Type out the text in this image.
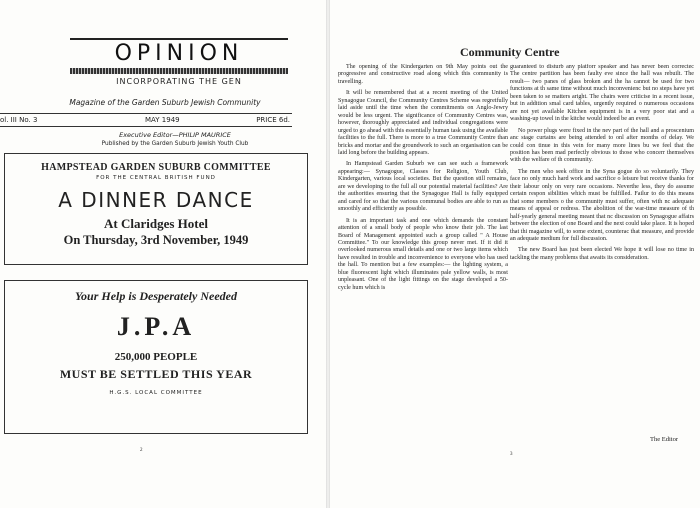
OPINION
INCORPORATING THE GEN
Magazine of the Garden Suburb Jewish Community
ol. III No. 3	MAY 1949	PRICE 6d.
Executive Editor—PHILIP MAURICE
Published by the Garden Suburb Jewish Youth Club
HAMPSTEAD GARDEN SUBURB COMMITTEE
FOR THE CENTRAL BRITISH FUND
A DINNER DANCE
At Claridges Hotel
On Thursday, 3rd November, 1949
Your Help is Desperately Needed
J.P.A
250,000 PEOPLE
MUST BE SETTLED THIS YEAR
H.G.S. LOCAL COMMITTEE
2
Community Centre

The opening of the Kindergarten on 9th May points out the progressive and constructive road along which this community is travelling.

It will be remembered that at a recent meeting of the United Synagogue Council, the Community Centres Scheme was regretfully laid aside until the time when the commitments on Anglo-Jewry would be less urgent. The significance of Community Centres was, however, thoroughly appreciated and individual congregations were urged to go ahead with this essentially human task using the available facilities to the full. There is more to a true Community Centre than bricks and mortar and the groundwork to such an organisation can be laid long before the building appears.

In Hampstead Garden Suburb we can see such a framework appearing:— Synagogue, Classes for Religion, Youth Club, Kindergarten, various local societies. But the question still remains, are we developing to the full all our potential material facilities? Are the authorities ensuring that the Synagogue Hall is fully equipped and cared for so that the various communal bodies are able to run as smoothly and efficiently as possible.

It is an important task and one which demands the constant attention of a small body of people who know their job. The last Board of Management appointed such a group called " A House Committee." To our knowledge this group never met. If it did it overlooked numerous small details and one or two large items which have resulted in trouble and inconvenience to everyone who has used the hall. To mention but a few examples:— the lighting system, a blue fluorescent light which illuminates pale yellow walls, is most unpleasant. One of the light fittings on the stage developed a 50-cycle hum which is

guaranteed to disturb any platforr speaker and has never been correctec The centre partition has been faulty eve since the hall was rebuilt. The result— two panes of glass broken and the ha cannot be used for two functions at th same time without much inconvenienc but no steps have yet been taken to se matters aright. The chairs were criticise in a recent issue, but in addition smal card tables, urgently required o numerous occasions are not yet available Kitchen equipment is in a very poor stat and a washing-up towel in the kitche would indeed be an event.

No power plugs were fixed in the nev part of the hall and a proscenium anc stage curtains are being attended to onl after months of delay. We could con tinue in this vein for many more lines bu we feel that the position has been mad perfectly obvious to those who concerr themselves with the welfare of th community.

The men who seek office in the Syna gogue do so voluntarily. They face no only much hard work and sacrifice o leisure but receive thanks for their labour only on very rare occasions. Neverthe less, they do assume certain respon sibilities which must be fulfilled. Failur to do this means that some members o the community must suffer, often with nc adequate means of appeal or redress. The abolition of the war-time measure of th half-yearly general meeting meant that nc discussion on Synagogue affairs betweer the election of one Board and the next could take place. It is hoped that thi magazine will, to some extent, counterac that measure, and provide an adequate medium for full discussion.

The new Board has just been elected We hope it will lose no time in tackling the many problems that awaits its consideration.

The Editor
3
